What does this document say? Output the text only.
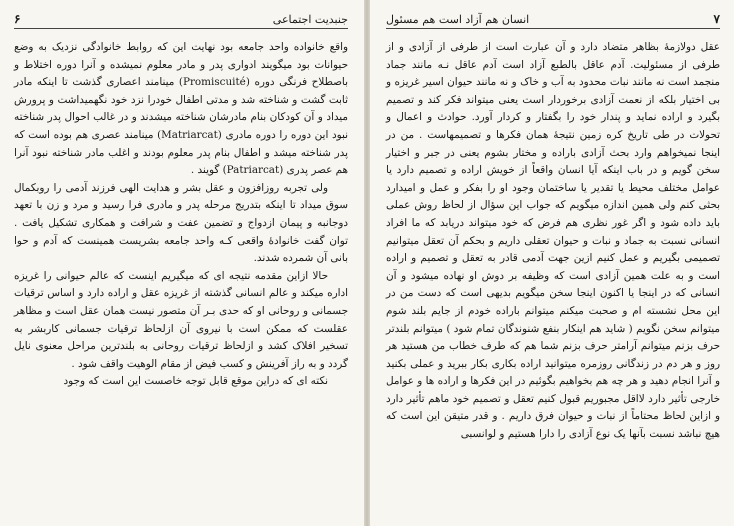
جنبدیت اجتماعی
۶

واقع خانواده واحد جامعه بود نهایت این که روابط خانوادگی نزدیک به وضع حیوانات بود میگویند ادواری پدر و مادر معلوم نمیشده و آنرا دوره اختلاط و باصطلاح فرنگی دوره (Promiscuité) مینامند اعصاری گذشت تا اینکه مادر ثابت گشت و شناخته شد و مدتی اطفال خودرا نزد خود نگهمیداشت و پرورش میداد و آن کودکان بنام مادرشان شناخته میشدند و در غالب احوال پدر شناخته نبود این دوره را دوره مادری (Matriarcat) مینامند عصری هم بوده است که پدر شناخته میشد و اطفال بنام پدر معلوم بودند و اغلب مادر شناخته نبود آنرا هم عصر پدری (Patriarcat) گویند .

ولی تجربه روزافزون و عقل بشر و هدایت الهی فرزند آدمی را روبکمال سوق میداد تا اینکه بتدریج مرحله پدر و مادری فرا رسید و مرد و زن با تعهد دوجانبه و پیمان ازدواج و تضمین عفت و شرافت و همکاری تشکیل یافت . توان گفت خانوادهٔ واقعی کـه واحد جامعه بشریست همینست که آدم و حوا بانی آن شمرده شدند.

حالا ازاین مقدمه نتیجه ای که میگیریم اینست که عالم حیوانی را غریزه اداره میکند و عالم انسانی گذشته از غریزه عقل و اراده دارد و اساس ترقیات جسمانی و روحانی او که حدی بـر آن متصور نیست همان عقل است و مظاهر عقلست که ممکن است با نیروی آن ازلحاظ ترقیات جسمانی کاربشر به تسخیر افلاک کشد و ازلحاظ ترقیات روحانی به بلندترین مراحل معنوی نایل گردد و به راز آفرینش و کسب فیض از مقام الوهیت واقف شود .

نکته ای که دراین موقع قابل توجه خاصست این است که وجود

۷
انسان هم آزاد است هم مسئول

عقل دولازمهٔ بظاهر متضاد دارد و آن عبارت است از طرفی از آزادی و از طرفی از مسئولیت. آدم عاقل بالطبع آزاد است آدم عاقل نـه مانند جماد منجمد است نه مانند نبات محدود به آب و خاک و نه مانند حیوان اسیر غریزه و بی اختیار بلکه از نعمت آزادی برخوردار است یعنی میتواند فکر کند و تصمیم بگیرد و اراده نماید و پندار خود را بگفتار و کردار آورد. حوادث و اعمال و تحولات در طی تاریخ کره زمین نتیجهٔ همان فکرها و تصمیمهاست . من در اینجا نمیخواهم وارد بحث آزادی باراده و مختار بشوم یعنی در جبر و اختیار سخن گویم و در باب اینکه آیا انسان واقعاً از خویش اراده و تصمیم دارد یا عوامل مختلف محیط یا تقدیر یا ساختمان وجود او را بفکر و عمل و امیدارد بحثی کنم ولی همین اندازه میگویم که جواب این سؤال از لحاظ روش عملی باید داده شود و اگر غور نظری هم فرض که خود میتواند دریابد که ما افراد انسانی نسبت به جماد و نبات و حیوان تعقلی داریم و بحکم آن تعقل میتوانیم تصمیمی بگیریم و عمل کنیم ازین جهت آدمی قادر به تعقل و تصمیم و اراده است و به علت همین آزادی است که وظیفه بر دوش او نهاده میشود و آن انسانی که در اینجا یا اکنون اینجا سخن میگویم بدیهی است که دست من در این محل نشسته ام و صحبت میکنم میتوانم باراده خودم از جایم بلند شوم میتوانم سخن نگویم ( شاید هم اینکار بنفع شنوندگان تمام شود ) میتوانم بلندتر حرف بزنم میتوانم آرامتر حرف بزنم شما هم که طرف خطاب من هستید هر روز و هر دم در زندگانی روزمره میتوانید اراده بکاری بکار ببرید و عملی بکنید و آنرا انجام دهید و هر چه هم بخواهیم بگوئیم در این فکرها و اراده ها و عوامل خارجی تأثیر دارد لااقل مجبوریم قبول کنیم تعقل و تصمیم خود ماهم تأثیر دارد و ازاین لحاظ محتاماً از نبات و حیوان فرق داریم . و قدر متیقن این است که هیچ نباشد نسبت بآنها یک نوع آزادی را دارا هستیم و لوانسبی
